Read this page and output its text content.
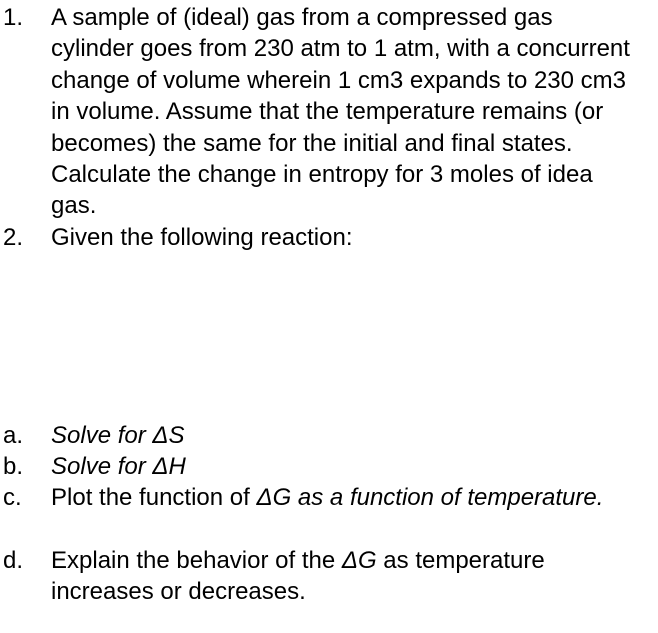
1. A sample of (ideal) gas from a compressed gas cylinder goes from 230 atm to 1 atm, with a concurrent change of volume wherein 1 cm3 expands to 230 cm3 in volume. Assume that the temperature remains (or becomes) the same for the initial and final states. Calculate the change in entropy for 3 moles of idea gas.
2. Given the following reaction:
a. Solve for ΔS
b. Solve for ΔH
c. Plot the function of ΔG as a function of temperature.
d. Explain the behavior of the ΔG as temperature increases or decreases.
